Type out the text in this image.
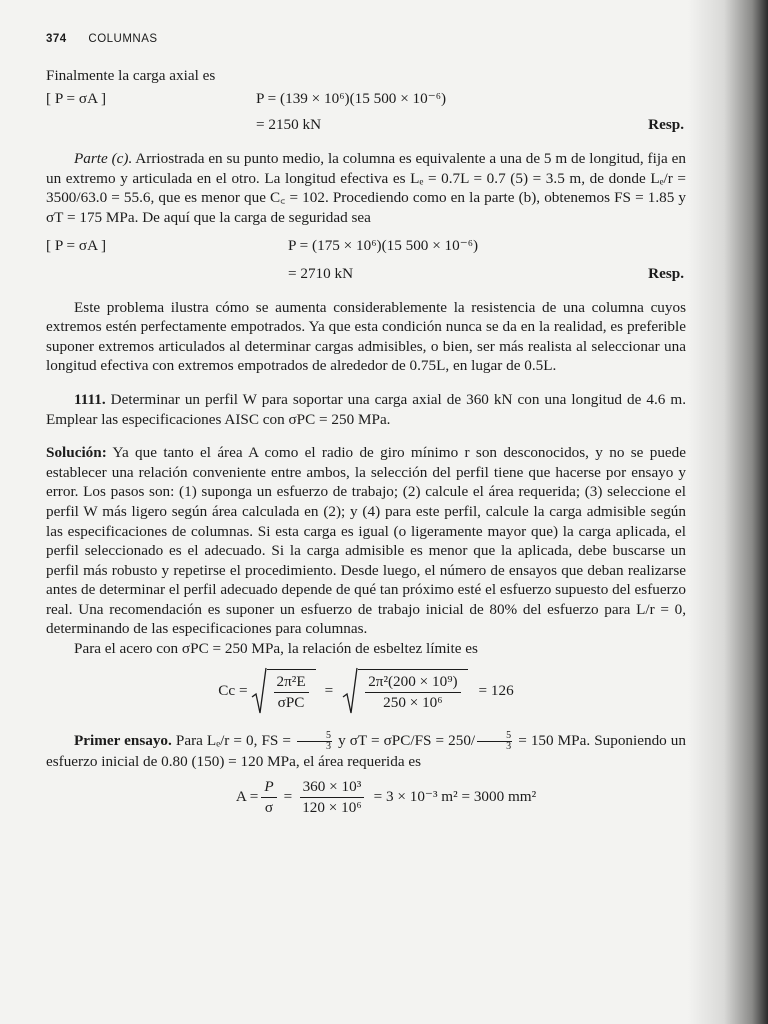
374 COLUMNAS

Finalmente la carga axial es

[ P = σA ]	P = (139 × 10⁶)(15 500 × 10⁻⁶)
= 2150 kN	Resp.

Parte (c). Arriostrada en su punto medio, la columna es equivalente a una de 5 m de longitud, fija en un extremo y articulada en el otro. La longitud efectiva es Lₑ = 0.7L = 0.7 (5) = 3.5 m, de donde Lₑ/r = 3500/63.0 = 55.6, que es menor que C꜀ = 102. Procediendo como en la parte (b), obtenemos FS = 1.85 y σT = 175 MPa. De aquí que la carga de seguridad sea

[ P = σA ]	P = (175 × 10⁶)(15 500 × 10⁻⁶)
= 2710 kN	Resp.

Este problema ilustra cómo se aumenta considerablemente la resistencia de una columna cuyos extremos estén perfectamente empotrados. Ya que esta condición nunca se da en la realidad, es preferible suponer extremos articulados al determinar cargas admisibles, o bien, ser más realista al seleccionar una longitud efectiva con extremos empotrados de alrededor de 0.75L, en lugar de 0.5L.

1111. Determinar un perfil W para soportar una carga axial de 360 kN con una longitud de 4.6 m. Emplear las especificaciones AISC con σPC = 250 MPa.

Solución: Ya que tanto el área A como el radio de giro mínimo r son desconocidos, y no se puede establecer una relación conveniente entre ambos, la selección del perfil tiene que hacerse por ensayo y error. Los pasos son: (1) suponga un esfuerzo de trabajo; (2) calcule el área requerida; (3) seleccione el perfil W más ligero según área calculada en (2); y (4) para este perfil, calcule la carga admisible según las especificaciones de columnas. Si esta carga es igual (o ligeramente mayor que) la carga aplicada, el perfil seleccionado es el adecuado. Si la carga admisible es menor que la aplicada, debe buscarse un perfil más robusto y repetirse el procedimiento. Desde luego, el número de ensayos que deban realizarse antes de determinar el perfil adecuado depende de qué tan próximo esté el esfuerzo supuesto del esfuerzo real. Una recomendación es suponer un esfuerzo de trabajo inicial de 80% del esfuerzo para L/r = 0, determinando de las especificaciones para columnas.

Para el acero con σPC = 250 MPa, la relación de esbeltez límite es

$Cc = \frac{\text{2π²E}}{\text{σPC}} = \frac{\text{2π²(200 × 10⁹)}}{\text{250 × 10⁶}} = 126$

Primer ensayo. Para Lₑ/r = 0, FS = $\frac{5}{3}$ y $\sigma T = \sigma PC/FS = 250/ \frac{5}{3} = 150$ MPa. Suponiendo un esfuerzo inicial de 0.80 (150) = 120 MPa, el área requerida es

$A = \frac{P}{\sigma} = \frac{\text{360 × 10³}}{\text{120 × 10⁶}} = 3 \times 10^{-3}$ m² = 3000 mm²
